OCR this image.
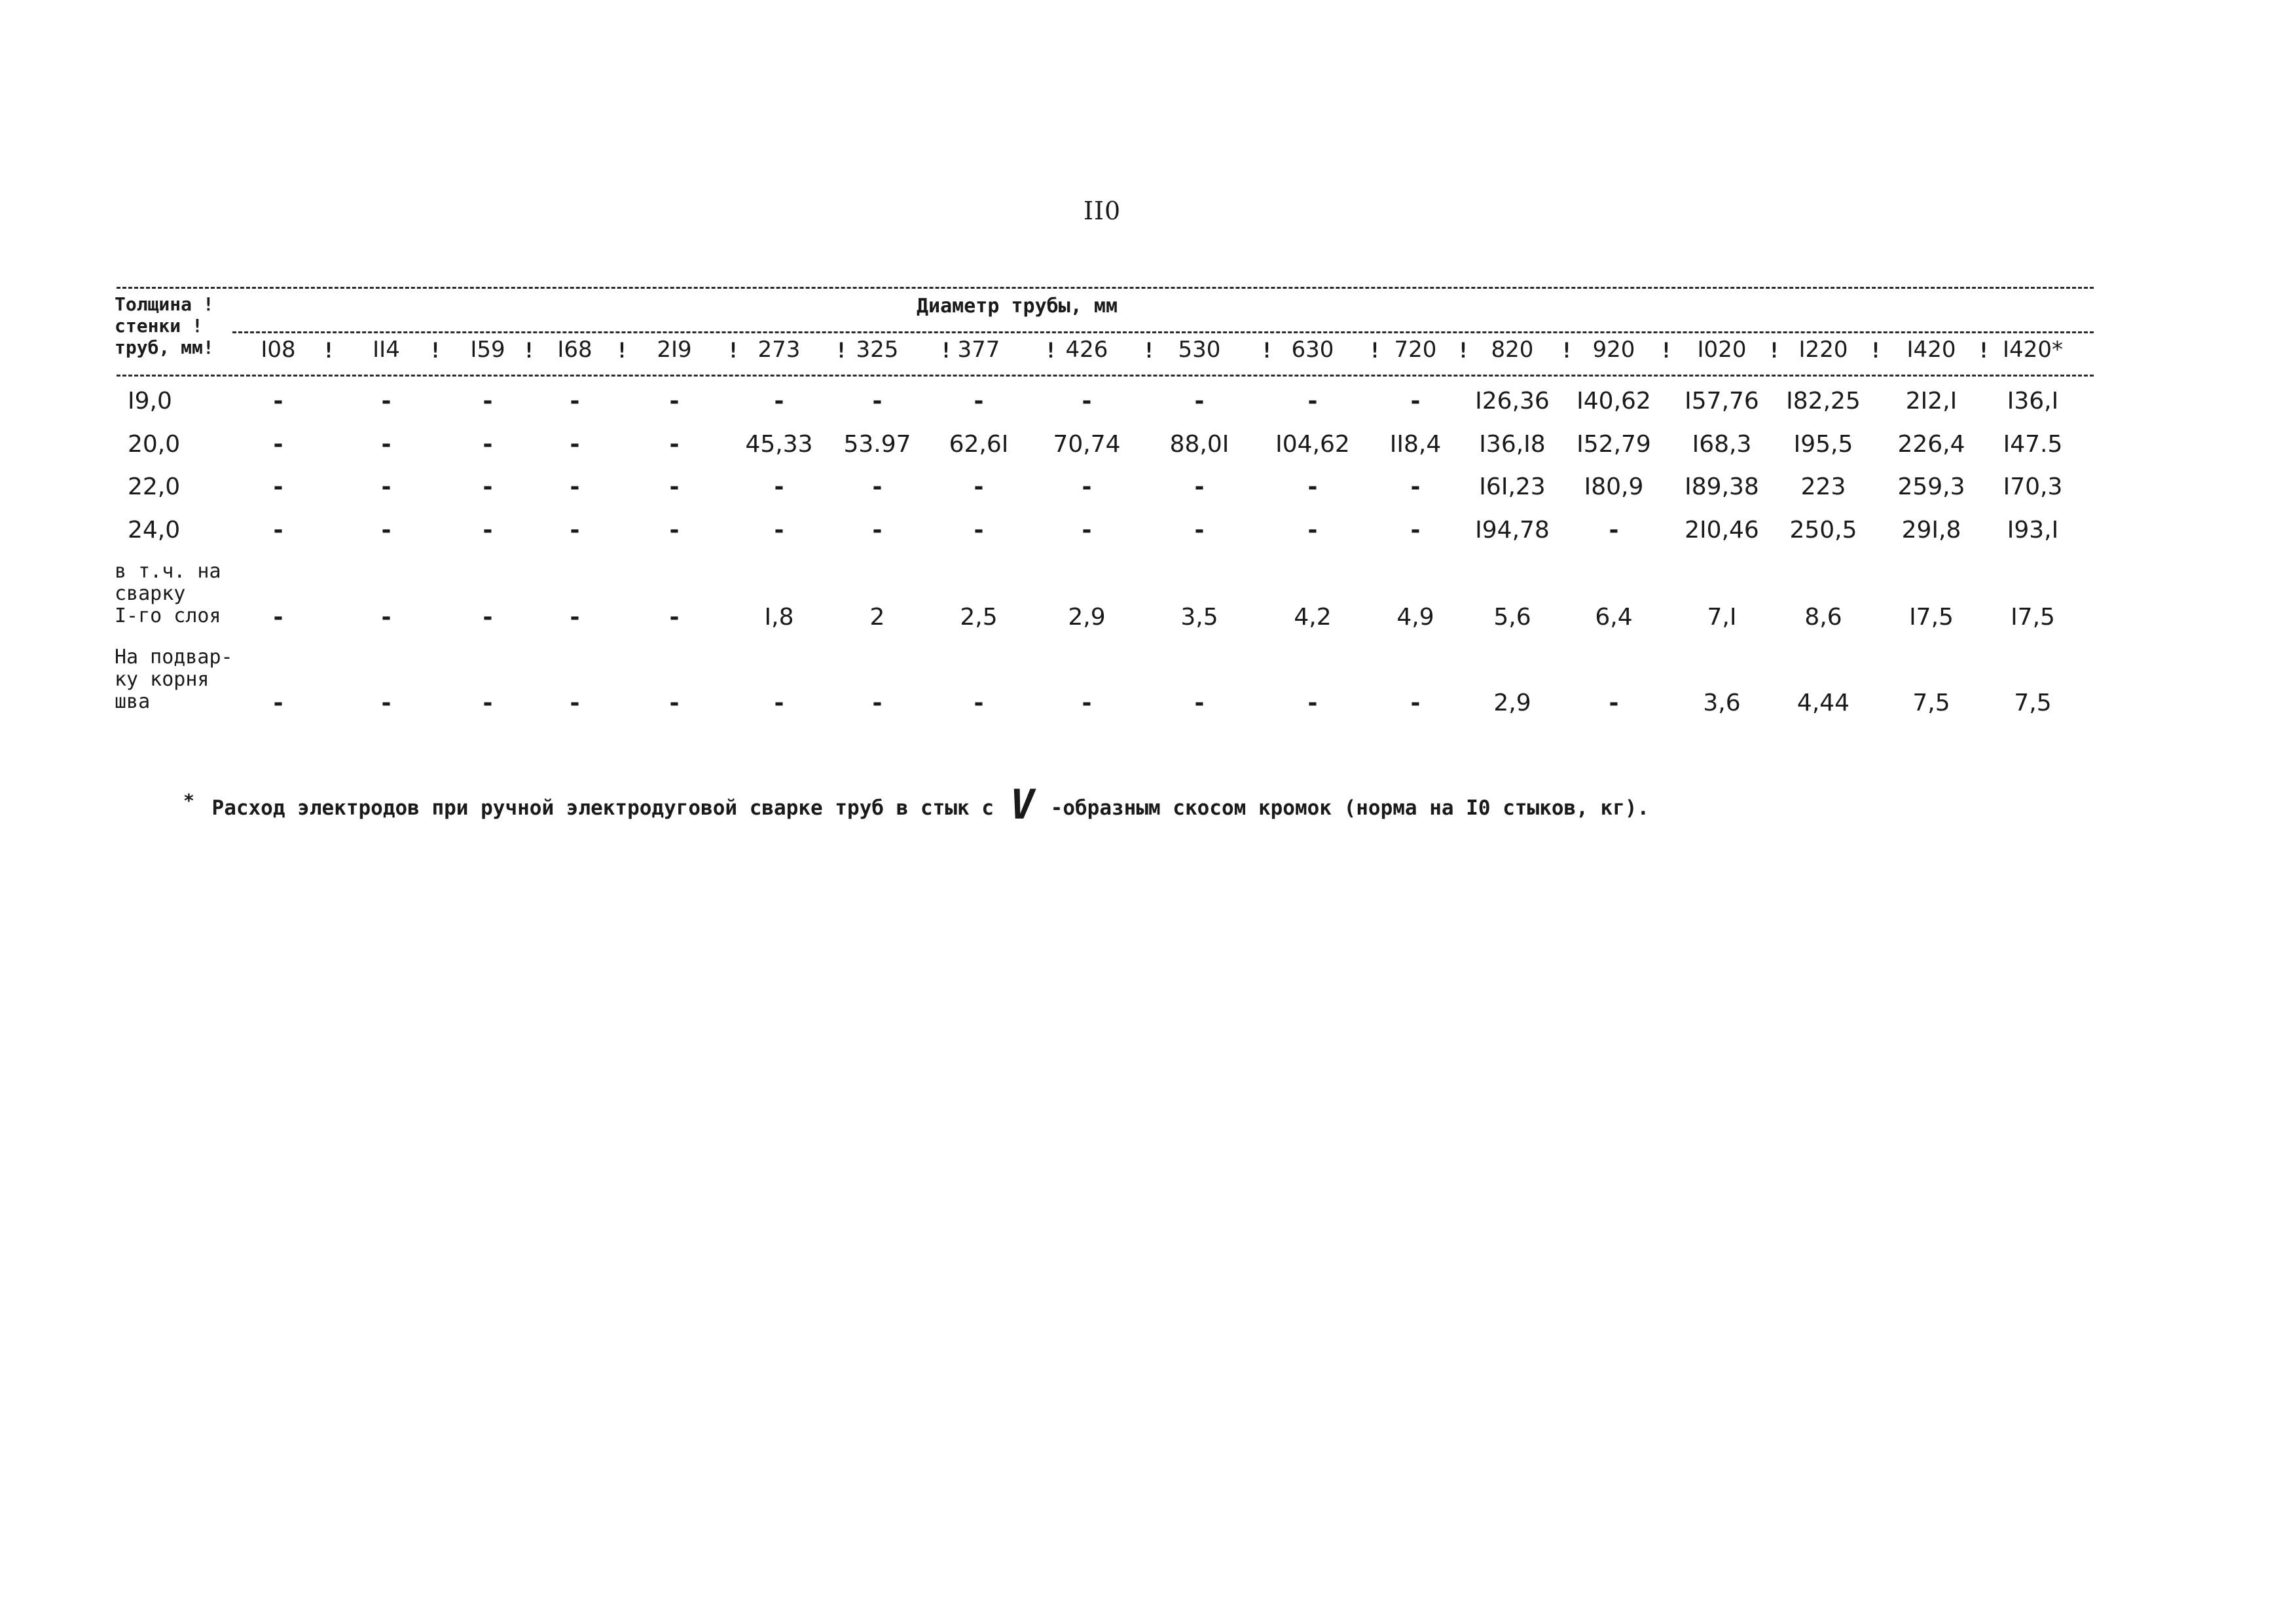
II0
Толщина !
стенки !
труб, мм!
Диаметр трубы, мм
I08	II4	I59 I68	2I9	273	325	377	426	530	630	720 820	920	I020 I220	I420 I420*
!	!	!	!	!	!	!	!	!	!	!	!	!	!	!	!	!
I9,0	-	-	-	-	-	-	-	-	-	-	-	- I26,36 I40,62 I57,76 I82,25 2I2,I I36,I
20,0	-	-	-	-	-	45,33 53.97 62,6I 70,74 88,0I I04,62 II8,4 I36,I8 I52,79 I68,3 I95,5 226,4 I47.5
22,0	-	-	-	-	-	-	-	-	-	-	-	- I6I,23 I80,9 I89,38 223 259,3 I70,3
24,0	-	-	-	-	-	-	-	-	-	-	-	- I94,78	-	2I0,46 250,5 29I,8 I93,I
в т.ч. на
сварку
I-го слоя -	-	-	-	-	I,8	2	2,5	2,9	3,5	4,2	4,9	5,6	6,4	7,I	8,6	I7,5 I7,5
На подвар-
ку корня
шва	-	-	-	-	-	-	-	-	-	-	-	-	2,9	-	3,6 4,44	7,5	7,5
* Расход электродов при ручной электродуговой сварке труб в стык с V -образным скосом кромок (норма на I0 стыков, кг).
